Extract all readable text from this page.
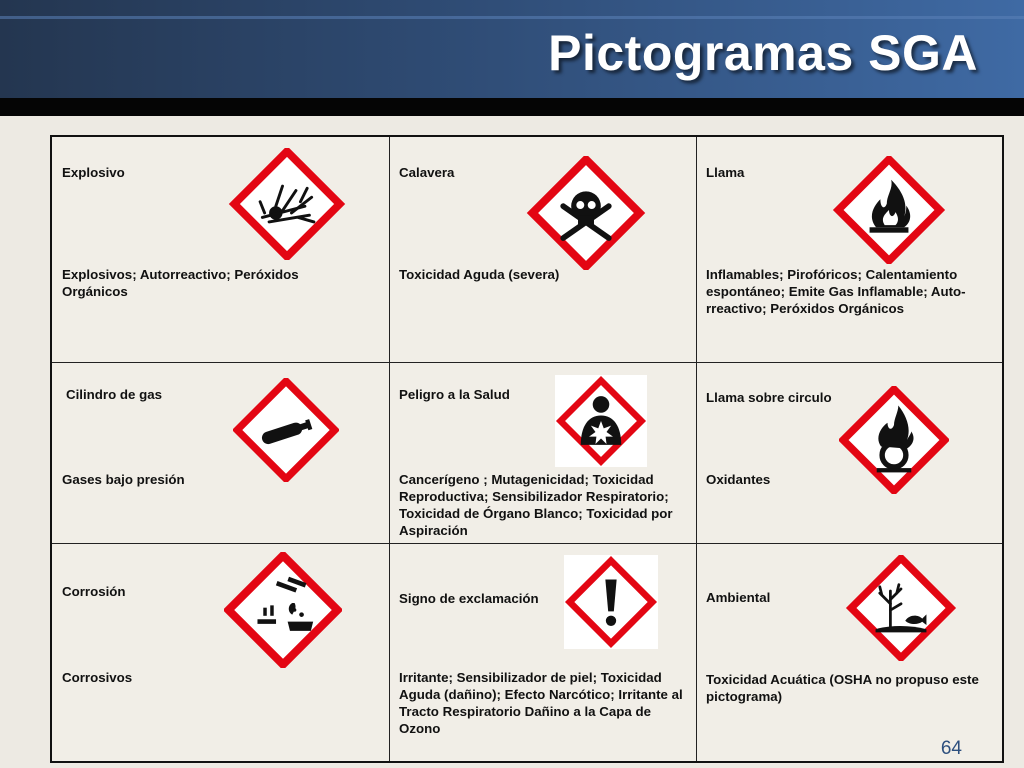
Pictogramas SGA
Explosivo
Explosivos; Autorreactivo; Peróxidos Orgánicos
Calavera
Toxicidad Aguda (severa)
Llama
Inflamables; Pirofóricos; Calentamiento espontáneo; Emite Gas Inflamable; Auto-rreactivo; Peróxidos Orgánicos
Cilindro de gas
Gases bajo presión
Peligro a la Salud
Cancerígeno ; Mutagenicidad; Toxicidad Reproductiva; Sensibilizador Respiratorio; Toxicidad de Órgano Blanco; Toxicidad por Aspiración
Llama sobre circulo
Oxidantes
Corrosión
Corrosivos
Signo de exclamación
Irritante; Sensibilizador de piel; Toxicidad Aguda (dañino); Efecto Narcótico; Irritante al Tracto Respiratorio Dañino a la Capa de Ozono
Ambiental
Toxicidad Acuática (OSHA no propuso este pictograma)
64
